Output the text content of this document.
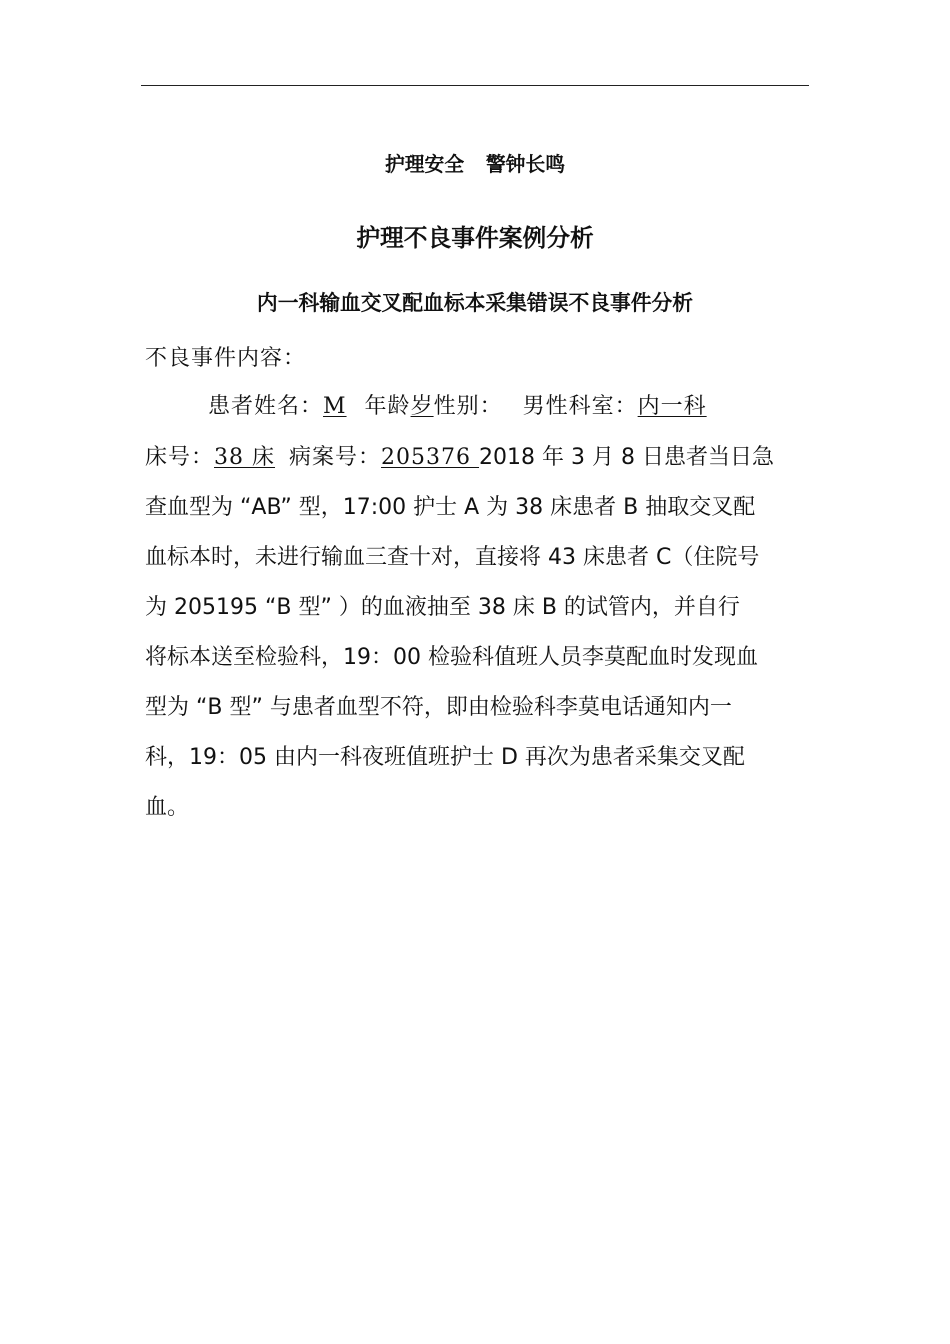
护理安全 警钟长鸣
护理不良事件案例分析
内一科输血交叉配血标本采集错误不良事件分析
不良事件内容：
患者姓名：M 年龄岁性别： 男性科室：内一科
床号：38 床 病案号：205376 2018 年 3 月 8 日患者当日急
查血型为 “AB” 型，17:00 护士 A 为 38 床患者 B 抽取交叉配
血标本时，未进行输血三查十对，直接将 43 床患者 C（住院号
为 205195 “B 型” ）的血液抽至 38 床 B 的试管内，并自行
将标本送至检验科，19：00 检验科值班人员李莫配血时发现血
型为 “B 型” 与患者血型不符，即由检验科李莫电话通知内一
科，19：05 由内一科夜班值班护士 D 再次为患者采集交叉配
血。
